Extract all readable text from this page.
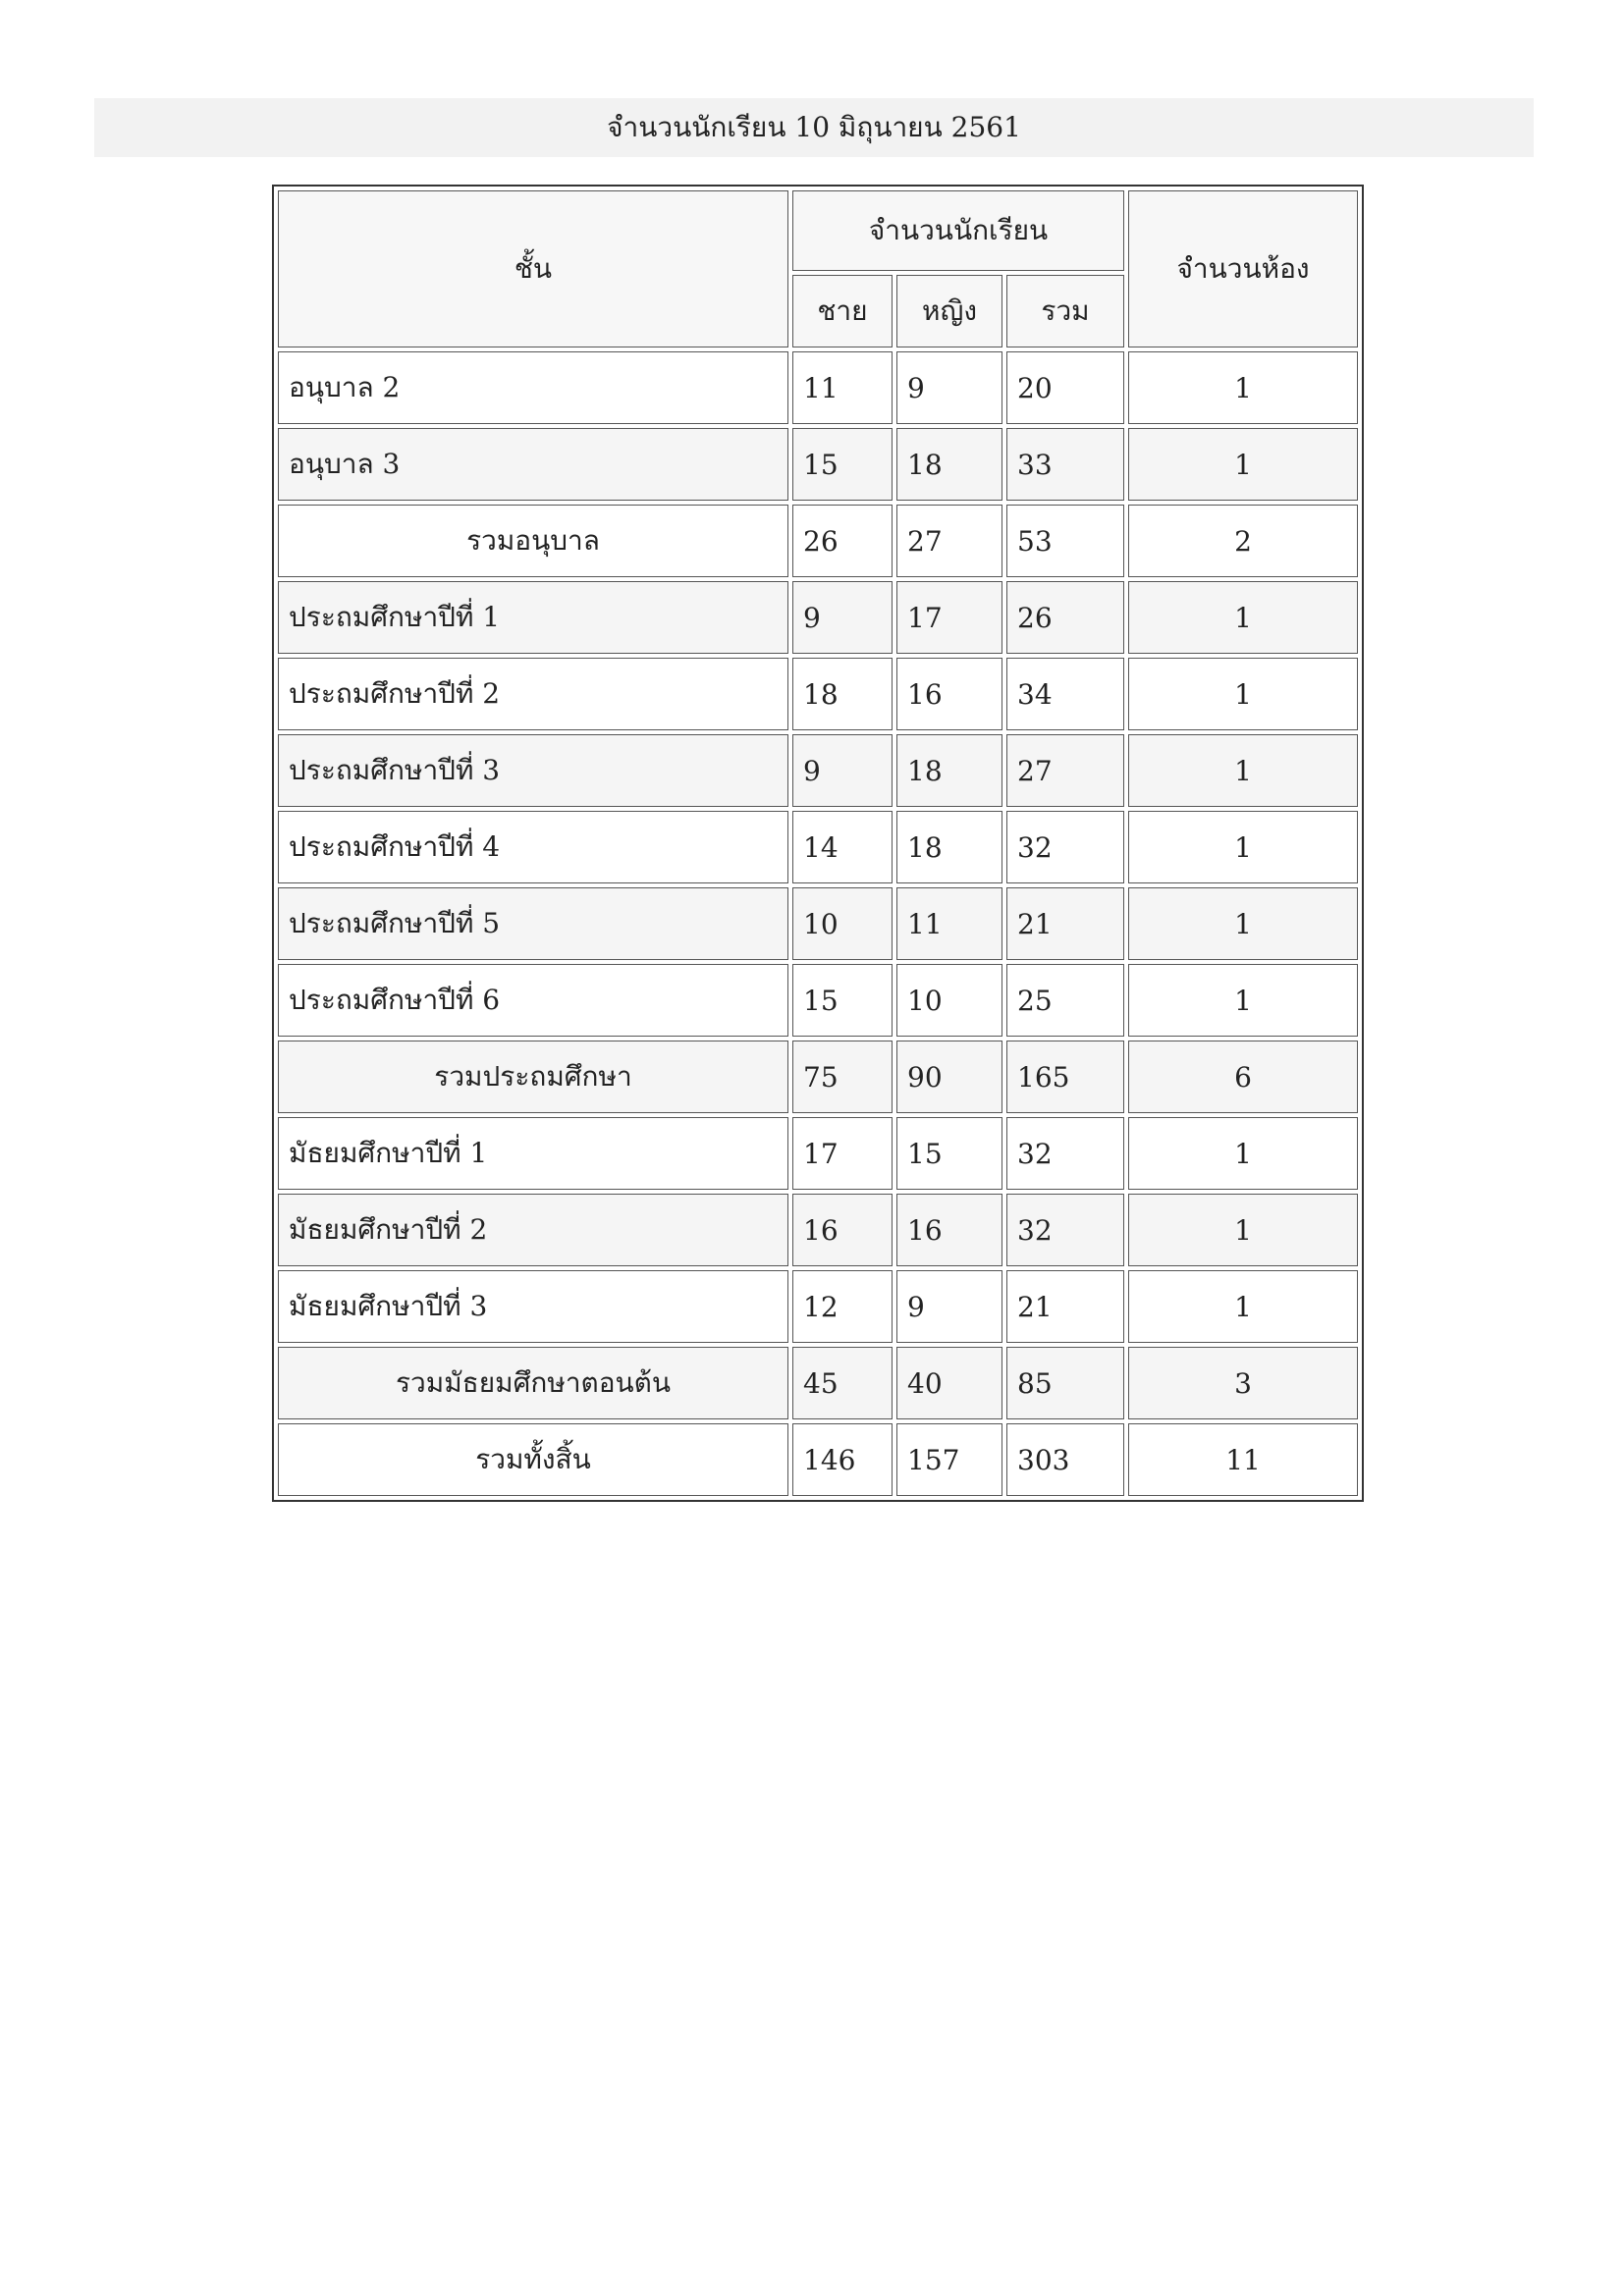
จำนวนนักเรียน 10 มิถุนายน 2561
ชั้น	จำนวนนักเรียน			จำนวนห้อง
	ชาย	หญิง	รวม	
อนุบาล 2	11	9	20	1
อนุบาล 3	15	18	33	1
รวมอนุบาล	26	27	53	2
ประถมศึกษาปีที่ 1	9	17	26	1
ประถมศึกษาปีที่ 2	18	16	34	1
ประถมศึกษาปีที่ 3	9	18	27	1
ประถมศึกษาปีที่ 4	14	18	32	1
ประถมศึกษาปีที่ 5	10	11	21	1
ประถมศึกษาปีที่ 6	15	10	25	1
รวมประถมศึกษา	75	90	165	6
มัธยมศึกษาปีที่ 1	17	15	32	1
มัธยมศึกษาปีที่ 2	16	16	32	1
มัธยมศึกษาปีที่ 3	12	9	21	1
รวมมัธยมศึกษาตอนต้น	45	40	85	3
รวมทั้งสิ้น	146	157	303	11
